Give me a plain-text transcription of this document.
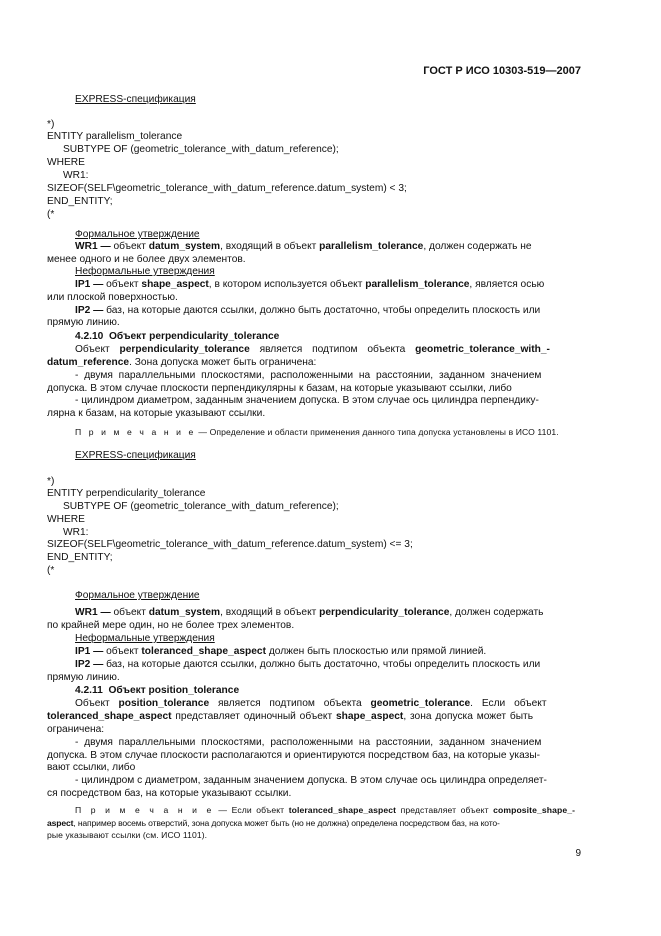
ГОСТ Р ИСО 10303-519—2007
EXPRESS-спецификация
*)
ENTITY parallelism_tolerance
SUBTYPE OF (geometric_tolerance_with_datum_reference);
WHERE
WR1:
SIZEOF(SELF\geometric_tolerance_with_datum_reference.datum_system) < 3;
END_ENTITY;
(*
Формальное утверждение
WR1 — объект datum_system, входящий в объект parallelism_tolerance, должен содержать не
менее одного и не более двух элементов.
Неформальные утверждения
IP1 — объект shape_aspect, в котором используется объект parallelism_tolerance, является осью
или плоской поверхностью.
IP2 — баз, на которые даются ссылки, должно быть достаточно, чтобы определить плоскость или
прямую линию.
4.2.10 Объект perpendicularity_tolerance
Объект perpendicularity_tolerance является подтипом объекта geometric_tolerance_with_-
datum_reference. Зона допуска может быть ограничена:
- двумя параллельными плоскостями, расположенными на расстоянии, заданном значением
допуска. В этом случае плоскости перпендикулярны к базам, на которые указывают ссылки, либо
- цилиндром диаметром, заданным значением допуска. В этом случае ось цилиндра перпендику-
лярна к базам, на которые указывают ссылки.
П р и м е ч а н и е — Определение и области применения данного типа допуска установлены в ИСО 1101.
EXPRESS-спецификация
*)
ENTITY perpendicularity_tolerance
SUBTYPE OF (geometric_tolerance_with_datum_reference);
WHERE
WR1:
SIZEOF(SELF\geometric_tolerance_with_datum_reference.datum_system) <= 3;
END_ENTITY;
(*
Формальное утверждение
WR1 — объект datum_system, входящий в объект perpendicularity_tolerance, должен содержать
по крайней мере один, но не более трех элементов.
Неформальные утверждения
IP1 — объект toleranced_shape_aspect должен быть плоскостью или прямой линией.
IP2 — баз, на которые даются ссылки, должно быть достаточно, чтобы определить плоскость или
прямую линию.
4.2.11 Объект position_tolerance
Объект position_tolerance является подтипом объекта geometric_tolerance. Если объект
toleranced_shape_aspect представляет одиночный объект shape_aspect, зона допуска может быть
ограничена:
- двумя параллельными плоскостями, расположенными на расстоянии, заданном значением
допуска. В этом случае плоскости располагаются и ориентируются посредством баз, на которые указы-
вают ссылки, либо
- цилиндром с диаметром, заданным значением допуска. В этом случае ось цилиндра определяет-
ся посредством баз, на которые указывают ссылки.
П р и м е ч а н и е — Если объект toleranced_shape_aspect представляет объект composite_shape_-
aspect, например восемь отверстий, зона допуска может быть (но не должна) определена посредством баз, на кото-
рые указывают ссылки (см. ИСО 1101).
9
